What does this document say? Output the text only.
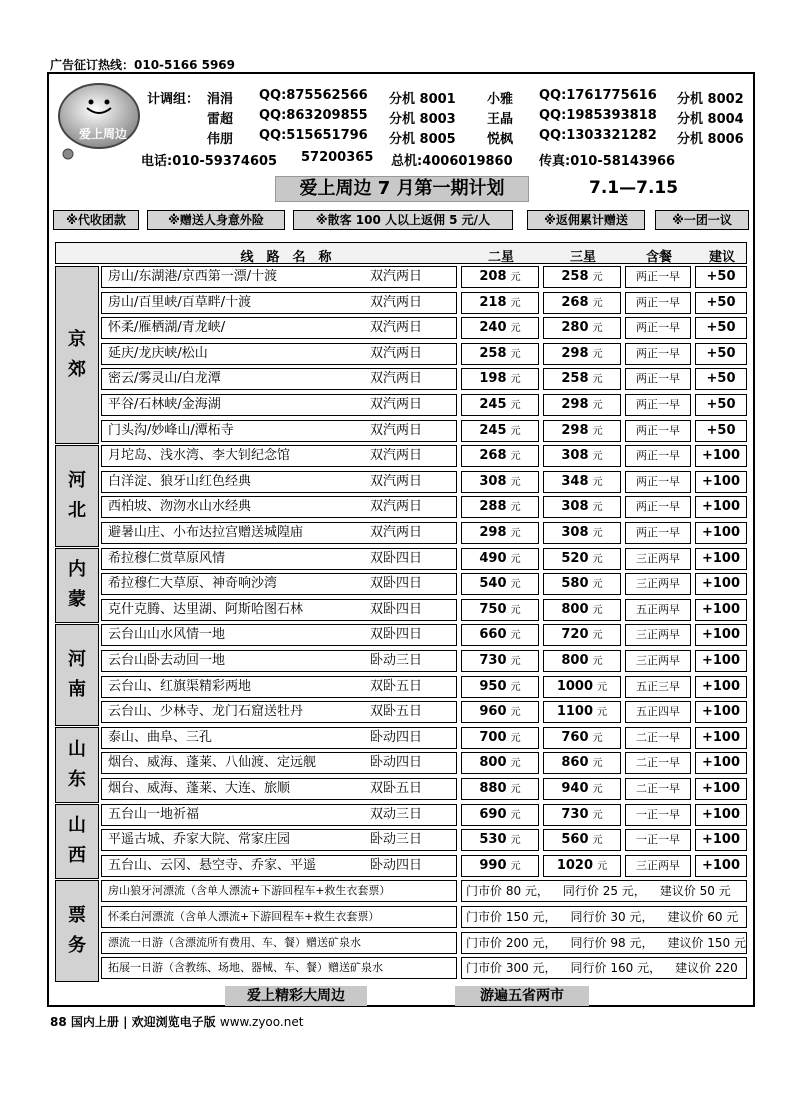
广告征订热线：010-5166 5969
爱上周边
计调组： 涓涓 QQ:875562566 分机 8001 小雅 QQ:1761775616 分机 8002
雷超 QQ:863209855 分机 8003 王晶 QQ:1985393818 分机 8004
伟朋 QQ:515651796 分机 8005 悦枫 QQ:1303321282 分机 8006
电话:010-59374605 57200365 总机:4006019860 传真:010-58143966
爱上周边 7 月第一期计划	7.1—7.15
※代收团款	※赠送人身意外险	※散客 100 人以上返佣 5 元/人	※返佣累计赠送	※一团一议
线　路　名　称	二星	三星	含餐	建议
京郊
房山/东湖港/京西第一漂/十渡	双汽两日	208 元	258 元	两正一早	+50
房山/百里峡/百草畔/十渡	双汽两日	218 元	268 元	两正一早	+50
怀柔/雁栖湖/青龙峡/	双汽两日	240 元	280 元	两正一早	+50
延庆/龙庆峡/松山	双汽两日	258 元	298 元	两正一早	+50
密云/雾灵山/白龙潭	双汽两日	198 元	258 元	两正一早	+50
平谷/石林峡/金海湖	双汽两日	245 元	298 元	两正一早	+50
门头沟/妙峰山/潭柘寺	双汽两日	245 元	298 元	两正一早	+50
河北
月坨岛、浅水湾、李大钊纪念馆	双汽两日	268 元	308 元	两正一早	+100
白洋淀、狼牙山红色经典	双汽两日	308 元	348 元	两正一早	+100
西柏坡、沕沕水山水经典	双汽两日	288 元	308 元	两正一早	+100
避暑山庄、小布达拉宫赠送城隍庙	双汽两日	298 元	308 元	两正一早	+100
内蒙
希拉穆仁赏草原风情	双卧四日	490 元	520 元	三正两早	+100
希拉穆仁大草原、神奇响沙湾	双卧四日	540 元	580 元	三正两早	+100
克什克腾、达里湖、阿斯哈图石林	双卧四日	750 元	800 元	五正两早	+100
河南
云台山山水风情一地	双卧四日	660 元	720 元	三正两早	+100
云台山卧去动回一地	卧动三日	730 元	800 元	三正两早	+100
云台山、红旗渠精彩两地	双卧五日	950 元	1000 元	五正三早	+100
云台山、少林寺、龙门石窟送牡丹	双卧五日	960 元	1100 元	五正四早	+100
山东
泰山、曲阜、三孔	卧动四日	700 元	760 元	二正一早	+100
烟台、威海、蓬莱、八仙渡、定远舰	卧动四日	800 元	860 元	二正一早	+100
烟台、威海、蓬莱、大连、旅顺	双卧五日	880 元	940 元	二正一早	+100
山西
五台山一地祈福	双动三日	690 元	730 元	一正一早	+100
平遥古城、乔家大院、常家庄园	卧动三日	530 元	560 元	一正一早	+100
五台山、云冈、悬空寺、乔家、平遥	卧动四日	990 元	1020 元	三正两早	+100
票务
房山狼牙河漂流（含单人漂流+下游回程车+救生衣套票）	门市价 80 元， 同行价 25 元， 建议价 50 元
怀柔白河漂流（含单人漂流+下游回程车+救生衣套票）	门市价 150 元， 同行价 30 元， 建议价 60 元
漂流一日游（含漂流所有费用、车、餐）赠送矿泉水	门市价 200 元， 同行价 98 元， 建议价 150 元
拓展一日游（含教练、场地、器械、车、餐）赠送矿泉水	门市价 300 元， 同行价 160 元， 建议价 220
爱上精彩大周边	游遍五省两市
88 国内上册 | 欢迎浏览电子版 www.zyoo.net
